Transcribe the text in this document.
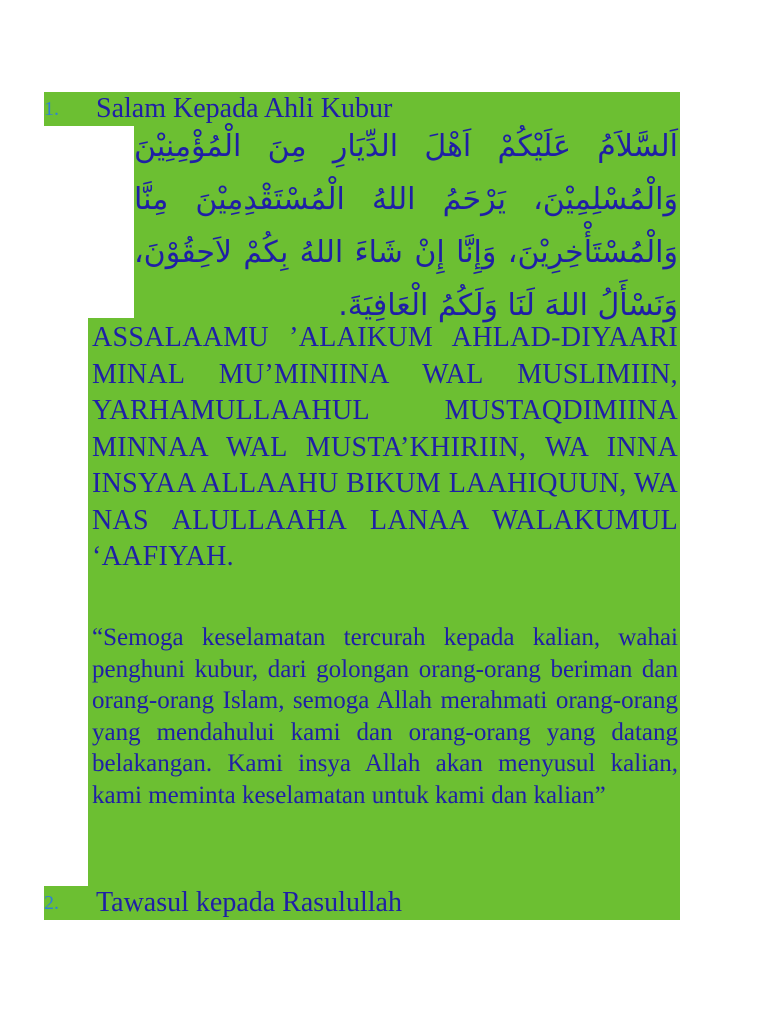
1.	Salam Kepada Ahli Kubur
اَلسَّلاَمُ عَلَيْكُمْ اَهْلَ الدِّيَارِ مِنَ الْمُؤْمِنِيْنَ وَالْمُسْلِمِيْنَ، يَرْحَمُ اللهُ الْمُسْتَقْدِمِيْنَ مِنَّا وَالْمُسْتَأْخِرِيْنَ، وَإِنَّا إِنْ شَاءَ اللهُ بِكُمْ لاَحِقُوْنَ، وَنَسْأَلُ اللهَ لَنَا وَلَكُمُ الْعَافِيَةَ.
ASSALAAMU ’ALAIKUM AHLAD-DIYAARI MINAL MU’MINIINA WAL MUSLIMIIN, YARHAMULLAAHUL MUSTAQDIMIINA MINNAA WAL MUSTA’KHIRIIN, WA INNA INSYAA ALLAAHU BIKUM LAAHIQUUN, WA NAS ALULLAAHA LANAA WALAKUMUL ‘AAFIYAH.
“Semoga keselamatan tercurah kepada kalian, wahai penghuni kubur, dari golongan orang-orang beriman dan orang-orang Islam, semoga Allah merahmati orang-orang yang mendahului kami dan orang-orang yang datang belakangan. Kami insya Allah akan menyusul kalian, kami meminta keselamatan untuk kami dan kalian”
2.	Tawasul kepada Rasulullah
